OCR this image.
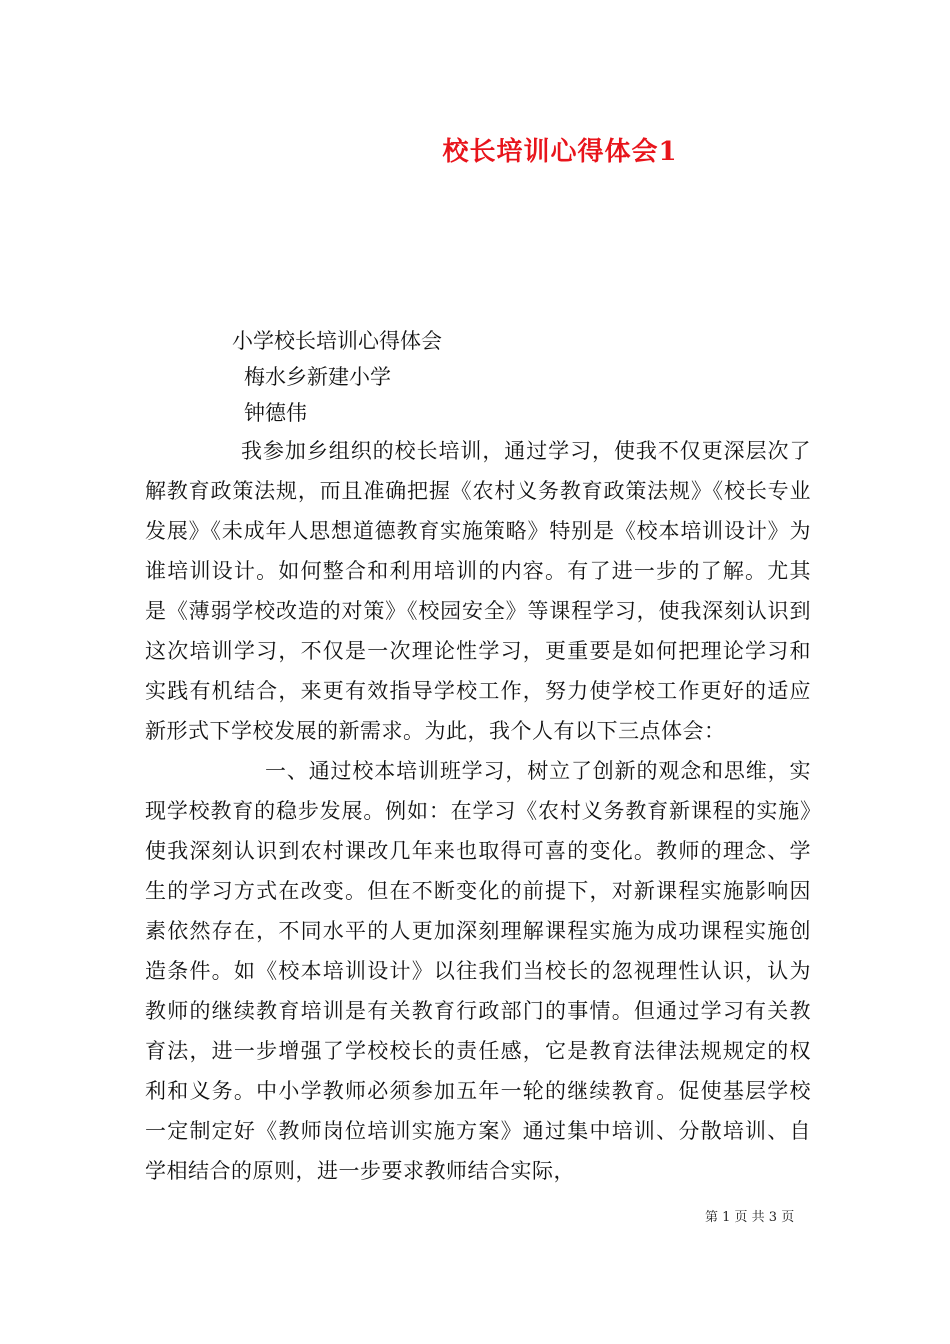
校长培训心得体会1
小学校长培训心得体会
梅水乡新建小学
钟德伟

我参加乡组织的校长培训，通过学习，使我不仅更深层次了解教育政策法规，而且准确把握《农村义务教育政策法规》《校长专业发展》《未成年人思想道德教育实施策略》特别是《校本培训设计》为谁培训设计。如何整合和利用培训的内容。有了进一步的了解。尤其是《薄弱学校改造的对策》《校园安全》等课程学习，使我深刻认识到这次培训学习，不仅是一次理论性学习，更重要是如何把理论学习和实践有机结合，来更有效指导学校工作，努力使学校工作更好的适应新形式下学校发展的新需求。为此，我个人有以下三点体会：

一、通过校本培训班学习，树立了创新的观念和思维，实现学校教育的稳步发展。例如：在学习《农村义务教育新课程的实施》使我深刻认识到农村课改几年来也取得可喜的变化。教师的理念、学生的学习方式在改变。但在不断变化的前提下，对新课程实施影响因素依然存在，不同水平的人更加深刻理解课程实施为成功课程实施创造条件。如《校本培训设计》以往我们当校长的忽视理性认识，认为教师的继续教育培训是有关教育行政部门的事情。但通过学习有关教育法，进一步增强了学校校长的责任感，它是教育法律法规规定的权利和义务。中小学教师必须参加五年一轮的继续教育。促使基层学校一定制定好《教师岗位培训实施方案》通过集中培训、分散培训、自学相结合的原则，进一步要求教师结合实际，

第 1 页 共 3 页
